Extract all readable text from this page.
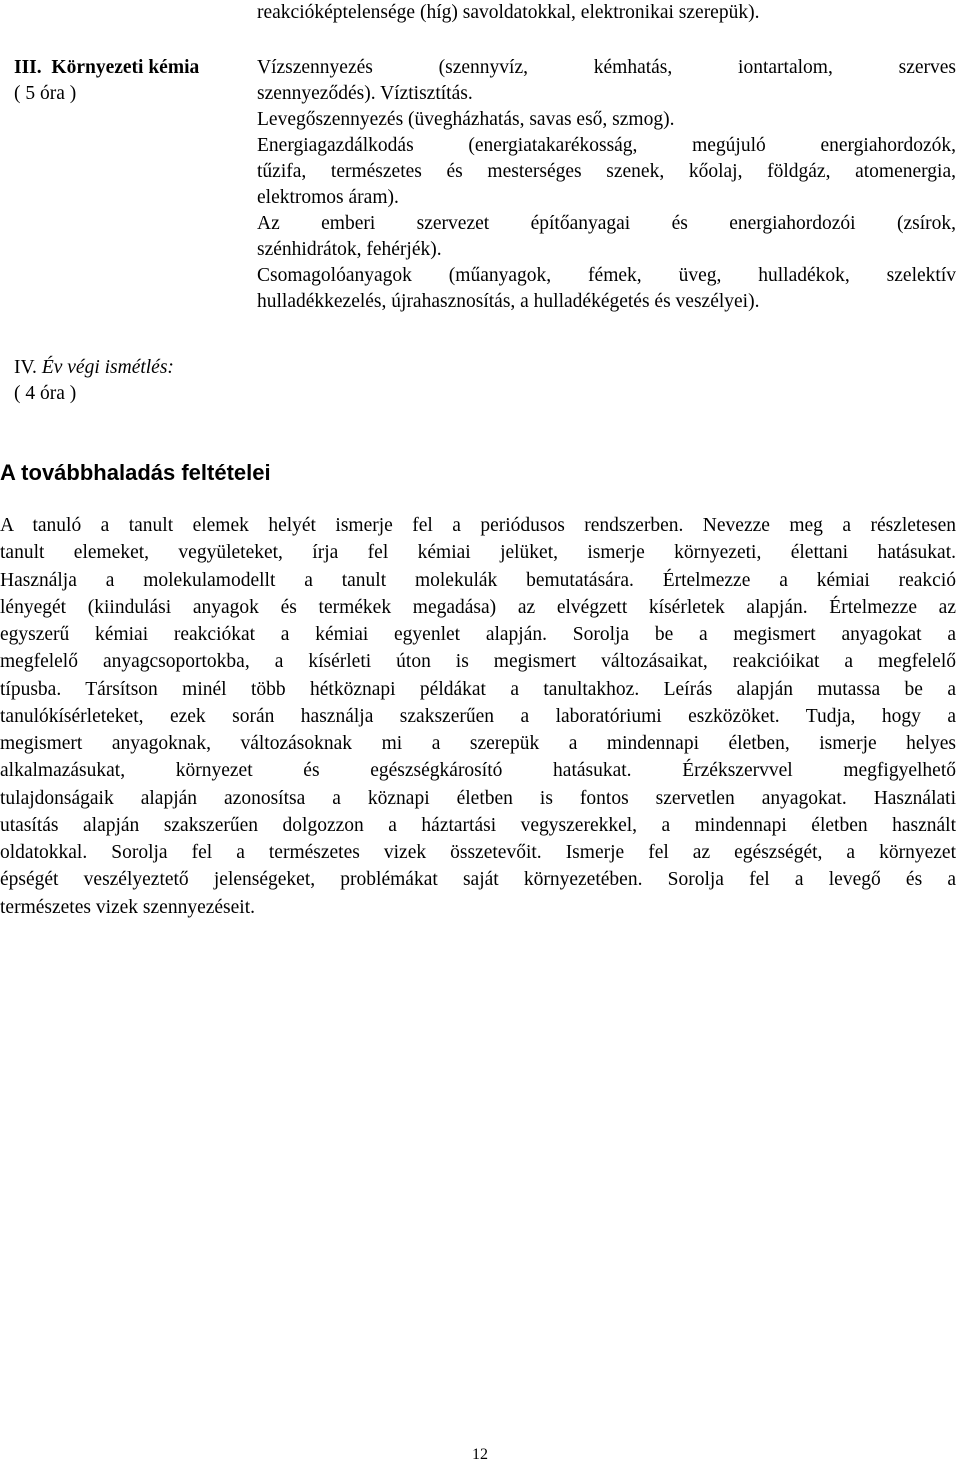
reakcióképtelensége (híg) savoldatokkal, elektronikai szerepük).
III. Környezeti kémia
( 5 óra )
Vízszennyezés (szennyvíz, kémhatás, iontartalom, szerves
szennyeződés). Víztisztítás.
Levegőszennyezés (üvegházhatás, savas eső, szmog).
Energiagazdálkodás (energiatakarékosság, megújuló energiahordozók,
tűzifa, természetes és mesterséges szenek, kőolaj, földgáz, atomenergia,
elektromos áram).
Az emberi szervezet építőanyagai és energiahordozói (zsírok,
szénhidrátok, fehérjék).
Csomagolóanyagok (műanyagok, fémek, üveg, hulladékok, szelektív
hulladékkezelés, újrahasznosítás, a hulladékégetés és veszélyei).
IV. Év végi ismétlés:
( 4 óra )
A továbbhaladás feltételei
A tanuló a tanult elemek helyét ismerje fel a periódusos rendszerben. Nevezze meg a részletesen
tanult elemeket, vegyületeket, írja fel kémiai jelüket, ismerje környezeti, élettani hatásukat.
Használja a molekulamodellt a tanult molekulák bemutatására. Értelmezze a kémiai reakció
lényegét (kiindulási anyagok és termékek megadása) az elvégzett kísérletek alapján. Értelmezze az
egyszerű kémiai reakciókat a kémiai egyenlet alapján. Sorolja be a megismert anyagokat a
megfelelő anyagcsoportokba, a kísérleti úton is megismert változásaikat, reakcióikat a megfelelő
típusba. Társítson minél több hétköznapi példákat a tanultakhoz. Leírás alapján mutassa be a
tanulókísérleteket, ezek során használja szakszerűen a laboratóriumi eszközöket. Tudja, hogy a
megismert anyagoknak, változásoknak mi a szerepük a mindennapi életben, ismerje helyes
alkalmazásukat, környezet és egészségkárosító hatásukat. Érzékszervvel megfigyelhető
tulajdonságaik alapján azonosítsa a köznapi életben is fontos szervetlen anyagokat. Használati
utasítás alapján szakszerűen dolgozzon a háztartási vegyszerekkel, a mindennapi életben használt
oldatokkal. Sorolja fel a természetes vizek összetevőit. Ismerje fel az egészségét, a környezet
épségét veszélyeztető jelenségeket, problémákat saját környezetében. Sorolja fel a levegő és a
természetes vizek szennyezéseit.
12
